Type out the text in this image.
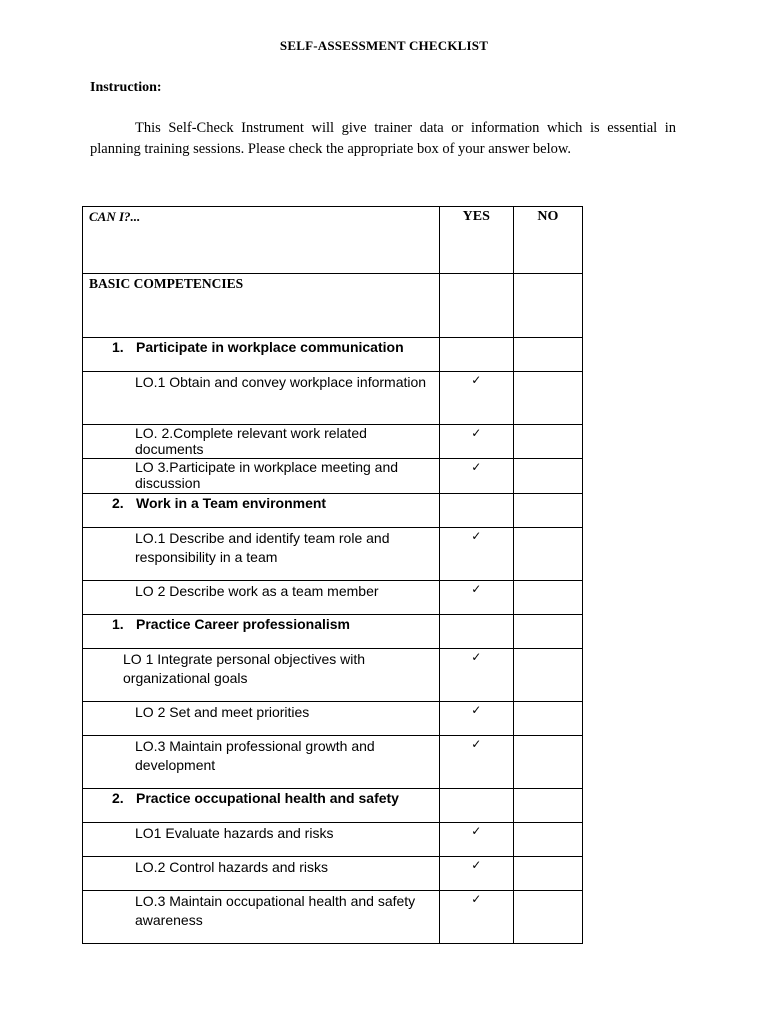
SELF-ASSESSMENT CHECKLIST
Instruction:
This Self-Check Instrument will give trainer data or information which is essential in planning training sessions. Please check the appropriate box of your answer below.
CAN I?...	YES	NO
BASIC COMPETENCIES		
1. Participate in workplace communication		
LO.1 Obtain and convey workplace information	✓	
LO. 2.Complete relevant work related documents	✓	
LO 3.Participate in workplace meeting and discussion	✓	
2. Work in a Team environment		
LO.1 Describe and identify team role and responsibility in a team	✓	
LO 2 Describe work as a team member	✓	
1. Practice Career professionalism		
LO 1 Integrate personal objectives with organizational goals	✓	
LO 2 Set and meet priorities	✓	
LO.3 Maintain professional growth and development	✓	
2. Practice occupational health and safety		
LO1 Evaluate hazards and risks	✓	
LO.2 Control hazards and risks	✓	
LO.3 Maintain occupational health and safety awareness	✓	
